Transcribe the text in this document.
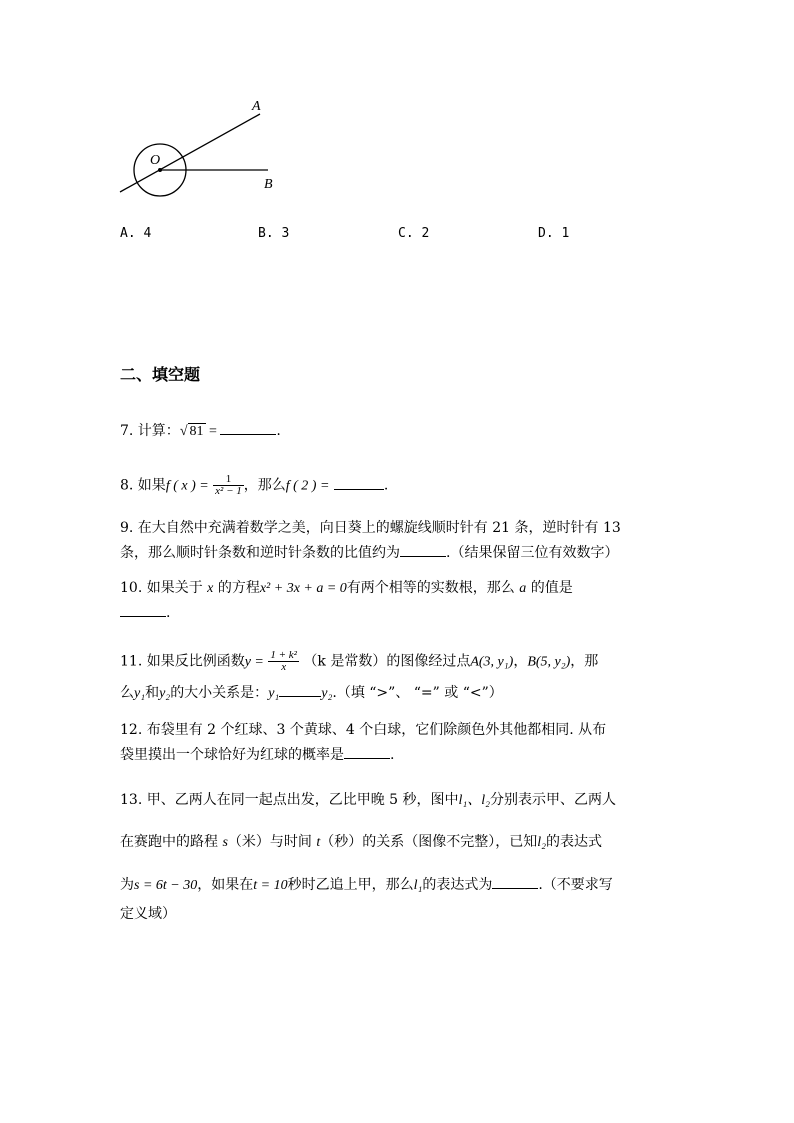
A
O
B
A. 4	B. 3	C. 2	D. 1
二、填空题
7. 计算：√ 81 =	.
8. 如果f ( x ) = $\frac{1}{\text{x² − 1}}$ ，那么f ( 2 ) =	.
9. 在大自然中充满着数学之美，向日葵上的螺旋线顺时针有 21 条，逆时针有 13
条，那么顺时针条数和逆时针条数的比值约为	.（结果保留三位有效数字）
10. 如果关于 x 的方程x² + 3x + a = 0有两个相等的实数根，那么 a 的值是
.
11. 如果反比例函数$y = \frac{\text{1 + k²}}{x} (k$ 是常数）的图像经过点A(3, y₁)，B(5, y₂)，那
么y₁和y₂的大小关系是：y₁	y₂.（填 “>”、 “=” 或 “<”）
12. 布袋里有 2 个红球、3 个黄球、4 个白球，它们除颜色外其他都相同. 从布
袋里摸出一个球恰好为红球的概率是	.
13. 甲、乙两人在同一起点出发，乙比甲晚 5 秒，图中l₁、l₂分别表示甲、乙两人
在赛跑中的路程 s（米）与时间 t（秒）的关系（图像不完整），已知l₂的表达式
为s = 6t − 30，如果在t = 10秒时乙追上甲，那么l₁的表达式为	.（不要求写
定义域）
